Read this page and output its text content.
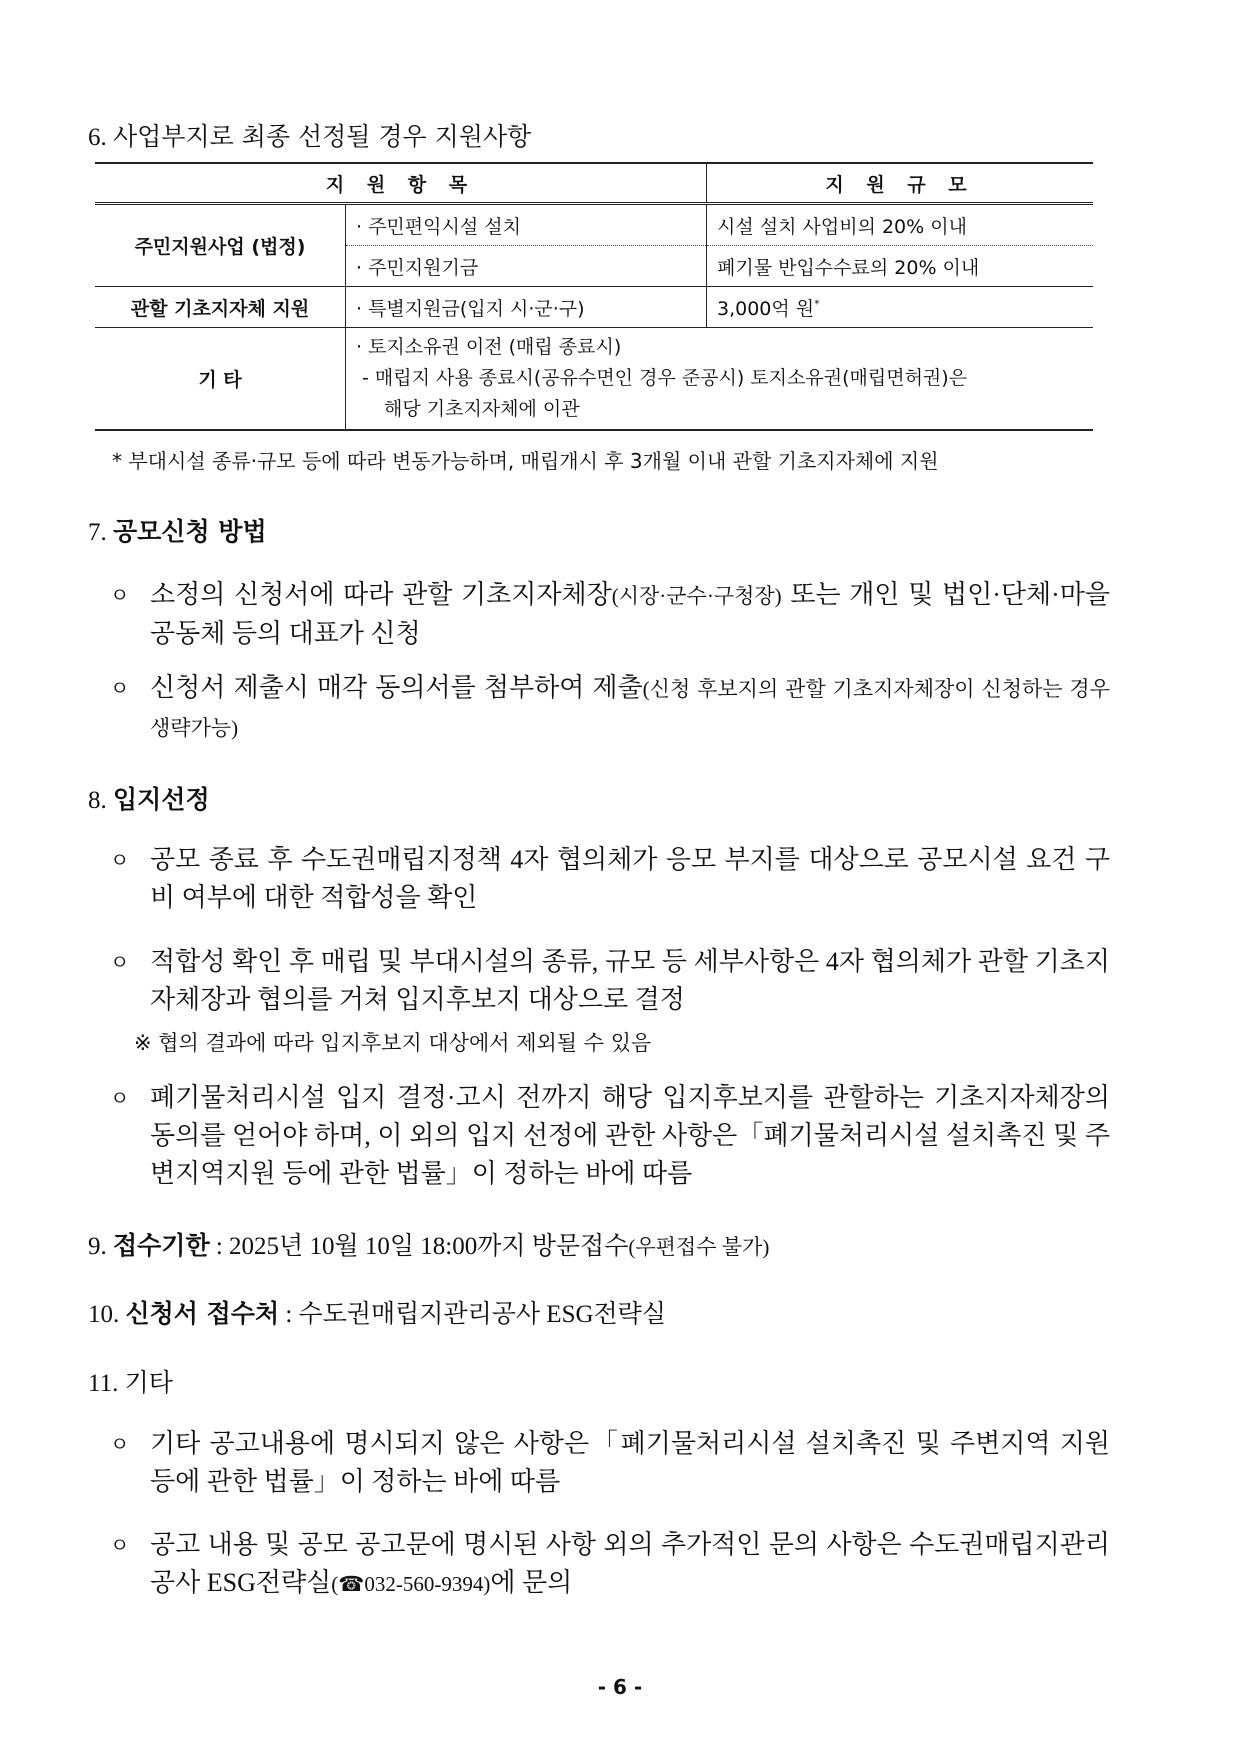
6. 사업부지로 최종 선정될 경우 지원사항
지 원 항 목		지 원 규 모
주민지원사업 (법정)	· 주민편익시설 설치	시설 설치 사업비의 20% 이내
	· 주민지원기금	폐기물 반입수수료의 20% 이내
관할 기초지자체 지원	· 특별지원금(입지 시·군·구)	3,000억 원*
기 타	· 토지소유권 이전 (매립 종료시)
- 매립지 사용 종료시(공유수면인 경우 준공시) 토지소유권(매립면허권)은
해당 기초지자체에 이관	
* 부대시설 종류·규모 등에 따라 변동가능하며, 매립개시 후 3개월 이내 관할 기초지자체에 지원
7. 공모신청 방법
ㅇ 소정의 신청서에 따라 관할 기초지자체장(시장·군수·구청장) 또는 개인 및 법인·단체·마을공동체 등의 대표가 신청
ㅇ 신청서 제출시 매각 동의서를 첨부하여 제출(신청 후보지의 관할 기초지자체장이 신청하는 경우 생략가능)
8. 입지선정
ㅇ 공모 종료 후 수도권매립지정책 4자 협의체가 응모 부지를 대상으로 공모시설 요건 구비 여부에 대한 적합성을 확인
ㅇ 적합성 확인 후 매립 및 부대시설의 종류, 규모 등 세부사항은 4자 협의체가 관할 기초지자체장과 협의를 거쳐 입지후보지 대상으로 결정
※ 협의 결과에 따라 입지후보지 대상에서 제외될 수 있음
ㅇ 폐기물처리시설 입지 결정·고시 전까지 해당 입지후보지를 관할하는 기초지자체장의 동의를 얻어야 하며, 이 외의 입지 선정에 관한 사항은「폐기물처리시설 설치촉진 및 주변지역지원 등에 관한 법률」이 정하는 바에 따름
9. 접수기한 : 2025년 10월 10일 18:00까지 방문접수(우편접수 불가)
10. 신청서 접수처 : 수도권매립지관리공사 ESG전략실
11. 기타
ㅇ 기타 공고내용에 명시되지 않은 사항은「폐기물처리시설 설치촉진 및 주변지역 지원 등에 관한 법률」이 정하는 바에 따름
ㅇ 공고 내용 및 공모 공고문에 명시된 사항 외의 추가적인 문의 사항은 수도권매립지관리공사 ESG전략실(☎032-560-9394)에 문의
- 6 -
